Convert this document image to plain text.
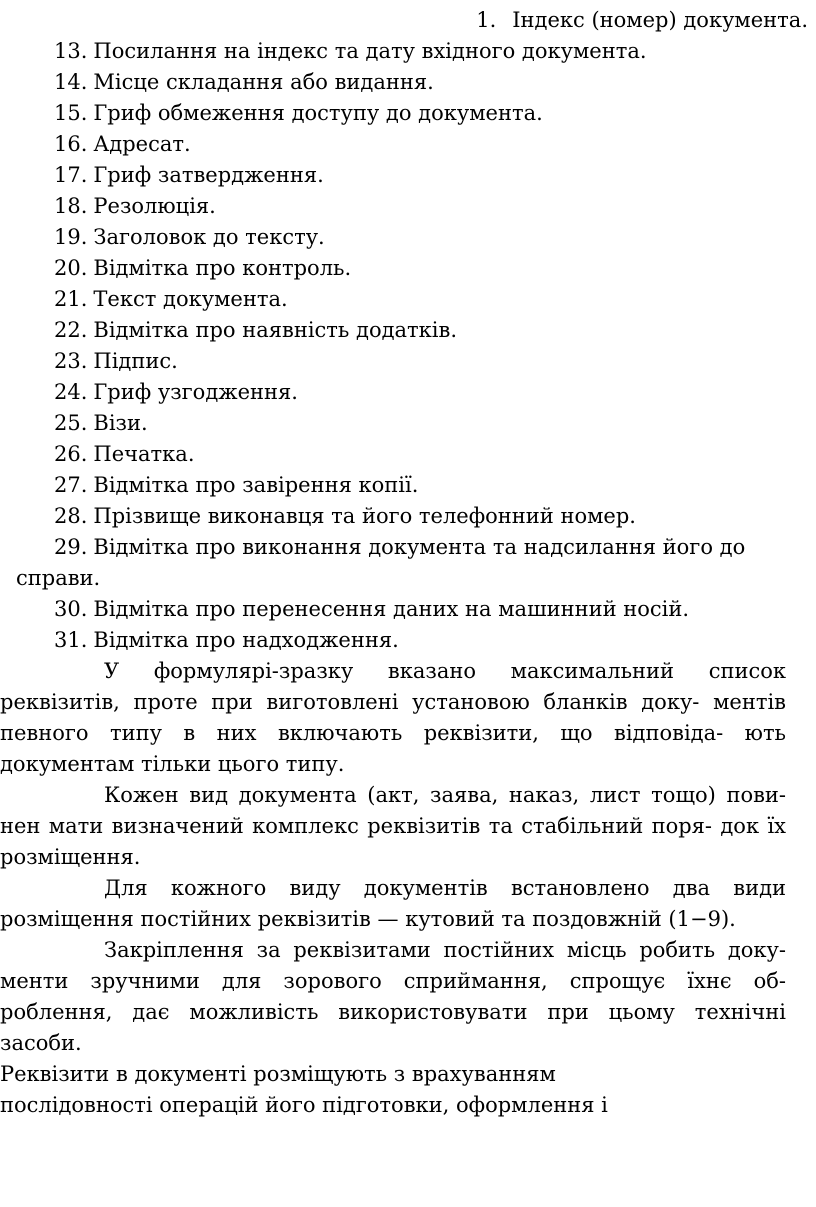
1. Індекс (номер) документа.
13. Посилання на індекс та дату вхідного документа.
14. Місце складання або видання.
15. Гриф обмеження доступу до документа.
16. Адресат.
17. Гриф затвердження.
18. Резолюція.
19. Заголовок до тексту.
20. Відмітка про контроль.
21. Текст документа.
22. Відмітка про наявність додатків.
23. Підпис.
24. Гриф узгодження.
25. Візи.
26. Печатка.
27. Відмітка про завірення копії.
28. Прізвище виконавця та його телефонний номер.
29. Відмітка про виконання документа та надсилання його до справи.
30. Відмітка про перенесення даних на машинний носій.
31. Відмітка про надходження.

У формулярі-зразку вказано максимальний список реквізитів, проте при виготовлені установою бланків доку- ментів певного типу в них включають реквізити, що відповіда- ють документам тільки цього типу.

Кожен вид документа (акт, заява, наказ, лист тощо) пови- нен мати визначений комплекс реквізитів та стабільний поря- док їх розміщення.

Для кожного виду документів встановлено два види розміщення постійних реквізитів — кутовий та поздовжній (1−9).

Закріплення за реквізитами постійних місць робить доку- менти зручними для зорового сприймання, спрощує їхнє об- роблення, дає можливість використовувати при цьому технічні засоби.

Реквізити в документі розміщують з врахуванням

послідовності операцій його підготовки, оформлення і
